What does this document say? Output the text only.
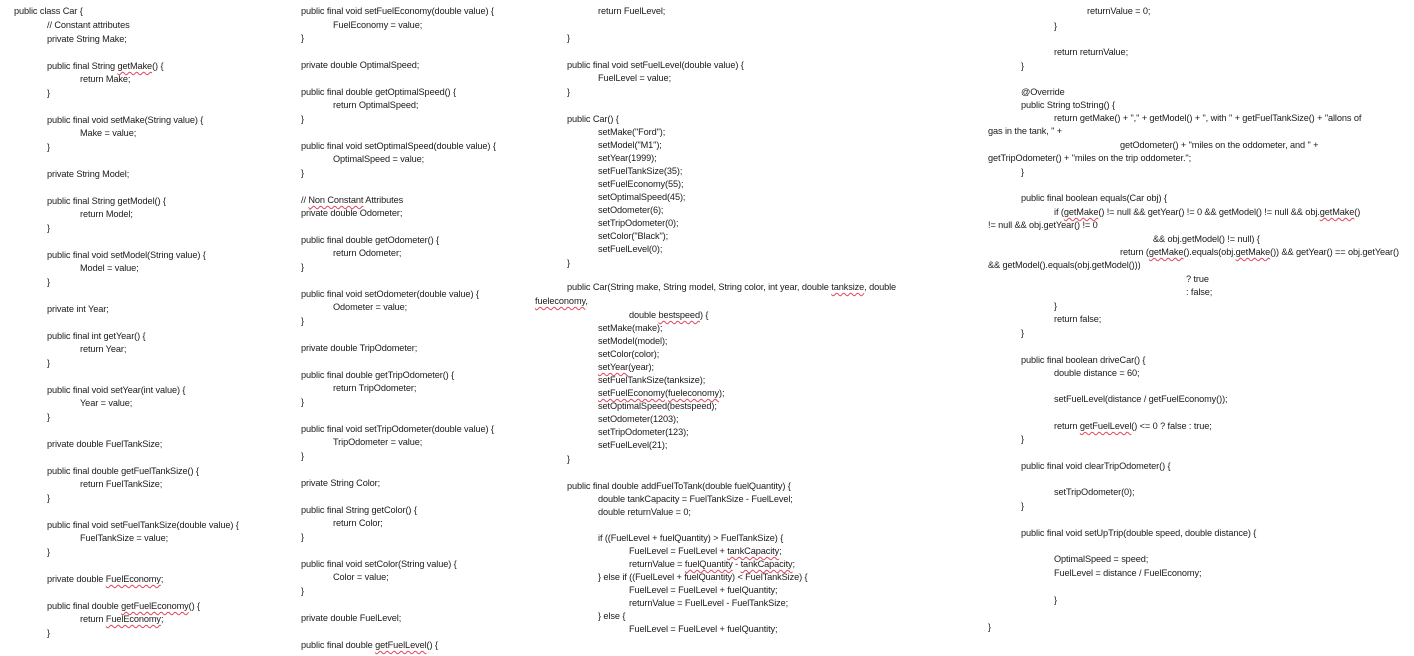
public class Car {
// Constant attributes
private String Make;
public final String getMake() {
return Make;
}
public final void setMake(String value) {
Make = value;
}
private String Model;
public final String getModel() {
return Model;
}
public final void setModel(String value) {
Model = value;
}
private int Year;
public final int getYear() {
return Year;
}
public final void setYear(int value) {
Year = value;
}
private double FuelTankSize;
public final double getFuelTankSize() {
return FuelTankSize;
}
public final void setFuelTankSize(double value) {
FuelTankSize = value;
}
private double FuelEconomy;
public final double getFuelEconomy() {
return FuelEconomy;
}
public final void setFuelEconomy(double value) {
FuelEconomy = value;
}
private double OptimalSpeed;
public final double getOptimalSpeed() {
return OptimalSpeed;
}
public final void setOptimalSpeed(double value) {
OptimalSpeed = value;
}
// Non Constant Attributes
private double Odometer;
public final double getOdometer() {
return Odometer;
}
public final void setOdometer(double value) {
Odometer = value;
}
private double TripOdometer;
public final double getTripOdometer() {
return TripOdometer;
}
public final void setTripOdometer(double value) {
TripOdometer = value;
}
private String Color;
public final String getColor() {
return Color;
}
public final void setColor(String value) {
Color = value;
}
private double FuelLevel;
public final double getFuelLevel() {
return FuelLevel;
}
public final void setFuelLevel(double value) {
FuelLevel = value;
}
public Car() {
setMake("Ford");
setModel("M1");
setYear(1999);
setFuelTankSize(35);
setFuelEconomy(55);
setOptimalSpeed(45);
setOdometer(6);
setTripOdometer(0);
setColor("Black");
setFuelLevel(0);
}
public Car(String make, String model, String color, int year, double tanksize, double
fueleconomy,
double bestspeed) {
setMake(make);
setModel(model);
setColor(color);
setYear(year);
setFuelTankSize(tanksize);
setFuelEconomy(fueleconomy);
setOptimalSpeed(bestspeed);
setOdometer(1203);
setTripOdometer(123);
setFuelLevel(21);
}
public final double addFuelToTank(double fuelQuantity) {
double tankCapacity = FuelTankSize - FuelLevel;
double returnValue = 0;
if ((FuelLevel + fuelQuantity) > FuelTankSize) {
FuelLevel = FuelLevel + tankCapacity;
returnValue = fuelQuantity - tankCapacity;
} else if ((FuelLevel + fuelQuantity) < FuelTankSize) {
FuelLevel = FuelLevel + fuelQuantity;
returnValue = FuelLevel - FuelTankSize;
} else {
FuelLevel = FuelLevel + fuelQuantity;
returnValue = 0;
}
return returnValue;
}
@Override
public String toString() {
return getMake() + "," + getModel() + ", with " + getFuelTankSize() + "allons of
gas in the tank, " +
getOdometer() + "miles on the oddometer, and " +
getTripOdometer() + "miles on the trip oddometer.";
}
public final boolean equals(Car obj) {
if (getMake() != null && getYear() != 0 && getModel() != null && obj.getMake()
!= null && obj.getYear() != 0
&& obj.getModel() != null) {
return (getMake().equals(obj.getMake()) && getYear() == obj.getYear()
&& getModel().equals(obj.getModel()))
? true
: false;
}
return false;
}
public final boolean driveCar() {
double distance = 60;
setFuelLevel(distance / getFuelEconomy());
return getFuelLevel() <= 0 ? false : true;
}
public final void clearTripOdometer() {
setTripOdometer(0);
}
public final void setUpTrip(double speed, double distance) {
OptimalSpeed = speed;
FuelLevel = distance / FuelEconomy;
}
}
